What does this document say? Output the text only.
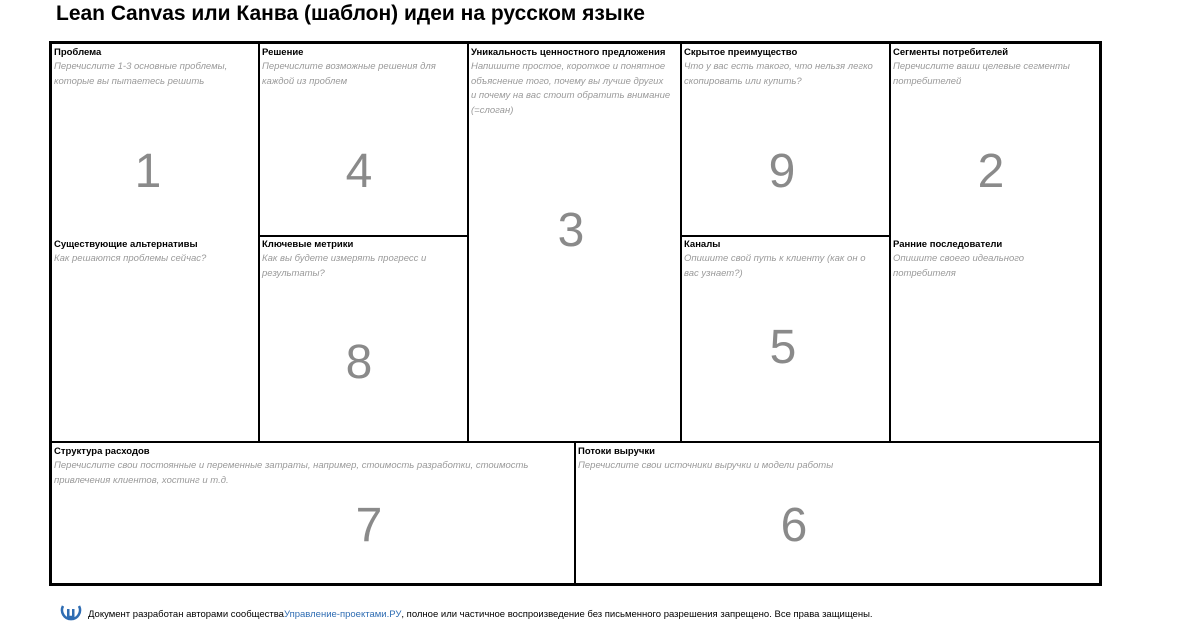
Lean Canvas или Канва (шаблон) идеи на русском языке
Проблема
Перечислите 1-3 основные проблемы, которые вы пытаетесь решить
1
Существующие альтернативы
Как решаются проблемы сейчас?
Решение
Перечислите возможные решения для каждой из проблем
4
Ключевые метрики
Как вы будете измерять прогресс и результаты?
8
Уникальность ценностного предложения
Напишите простое, короткое и понятное объяснение того, почему вы лучше других и почему на вас стоит обратить внимание (=слоган)
3
Скрытое преимущество
Что у вас есть такого, что нельзя легко скопировать или купить?
9
Каналы
Опишите свой путь к клиенту (как он о вас узнает?)
5
Сегменты потребителей
Перечислите ваши целевые сегменты потребителей
2
Ранние последователи
Опишите своего идеального потребителя
Структура расходов
Перечислите свои постоянные и переменные затраты, например, стоимость разработки, стоимость привлечения клиентов, хостинг и т.д.
7
Потоки выручки
Перечислите свои источники выручки и модели работы
6
Документ разработан авторами сообщества Управление-проектами.РУ , полное или частичное воспроизведение без письменного разрешения запрещено. Все права защищены.
